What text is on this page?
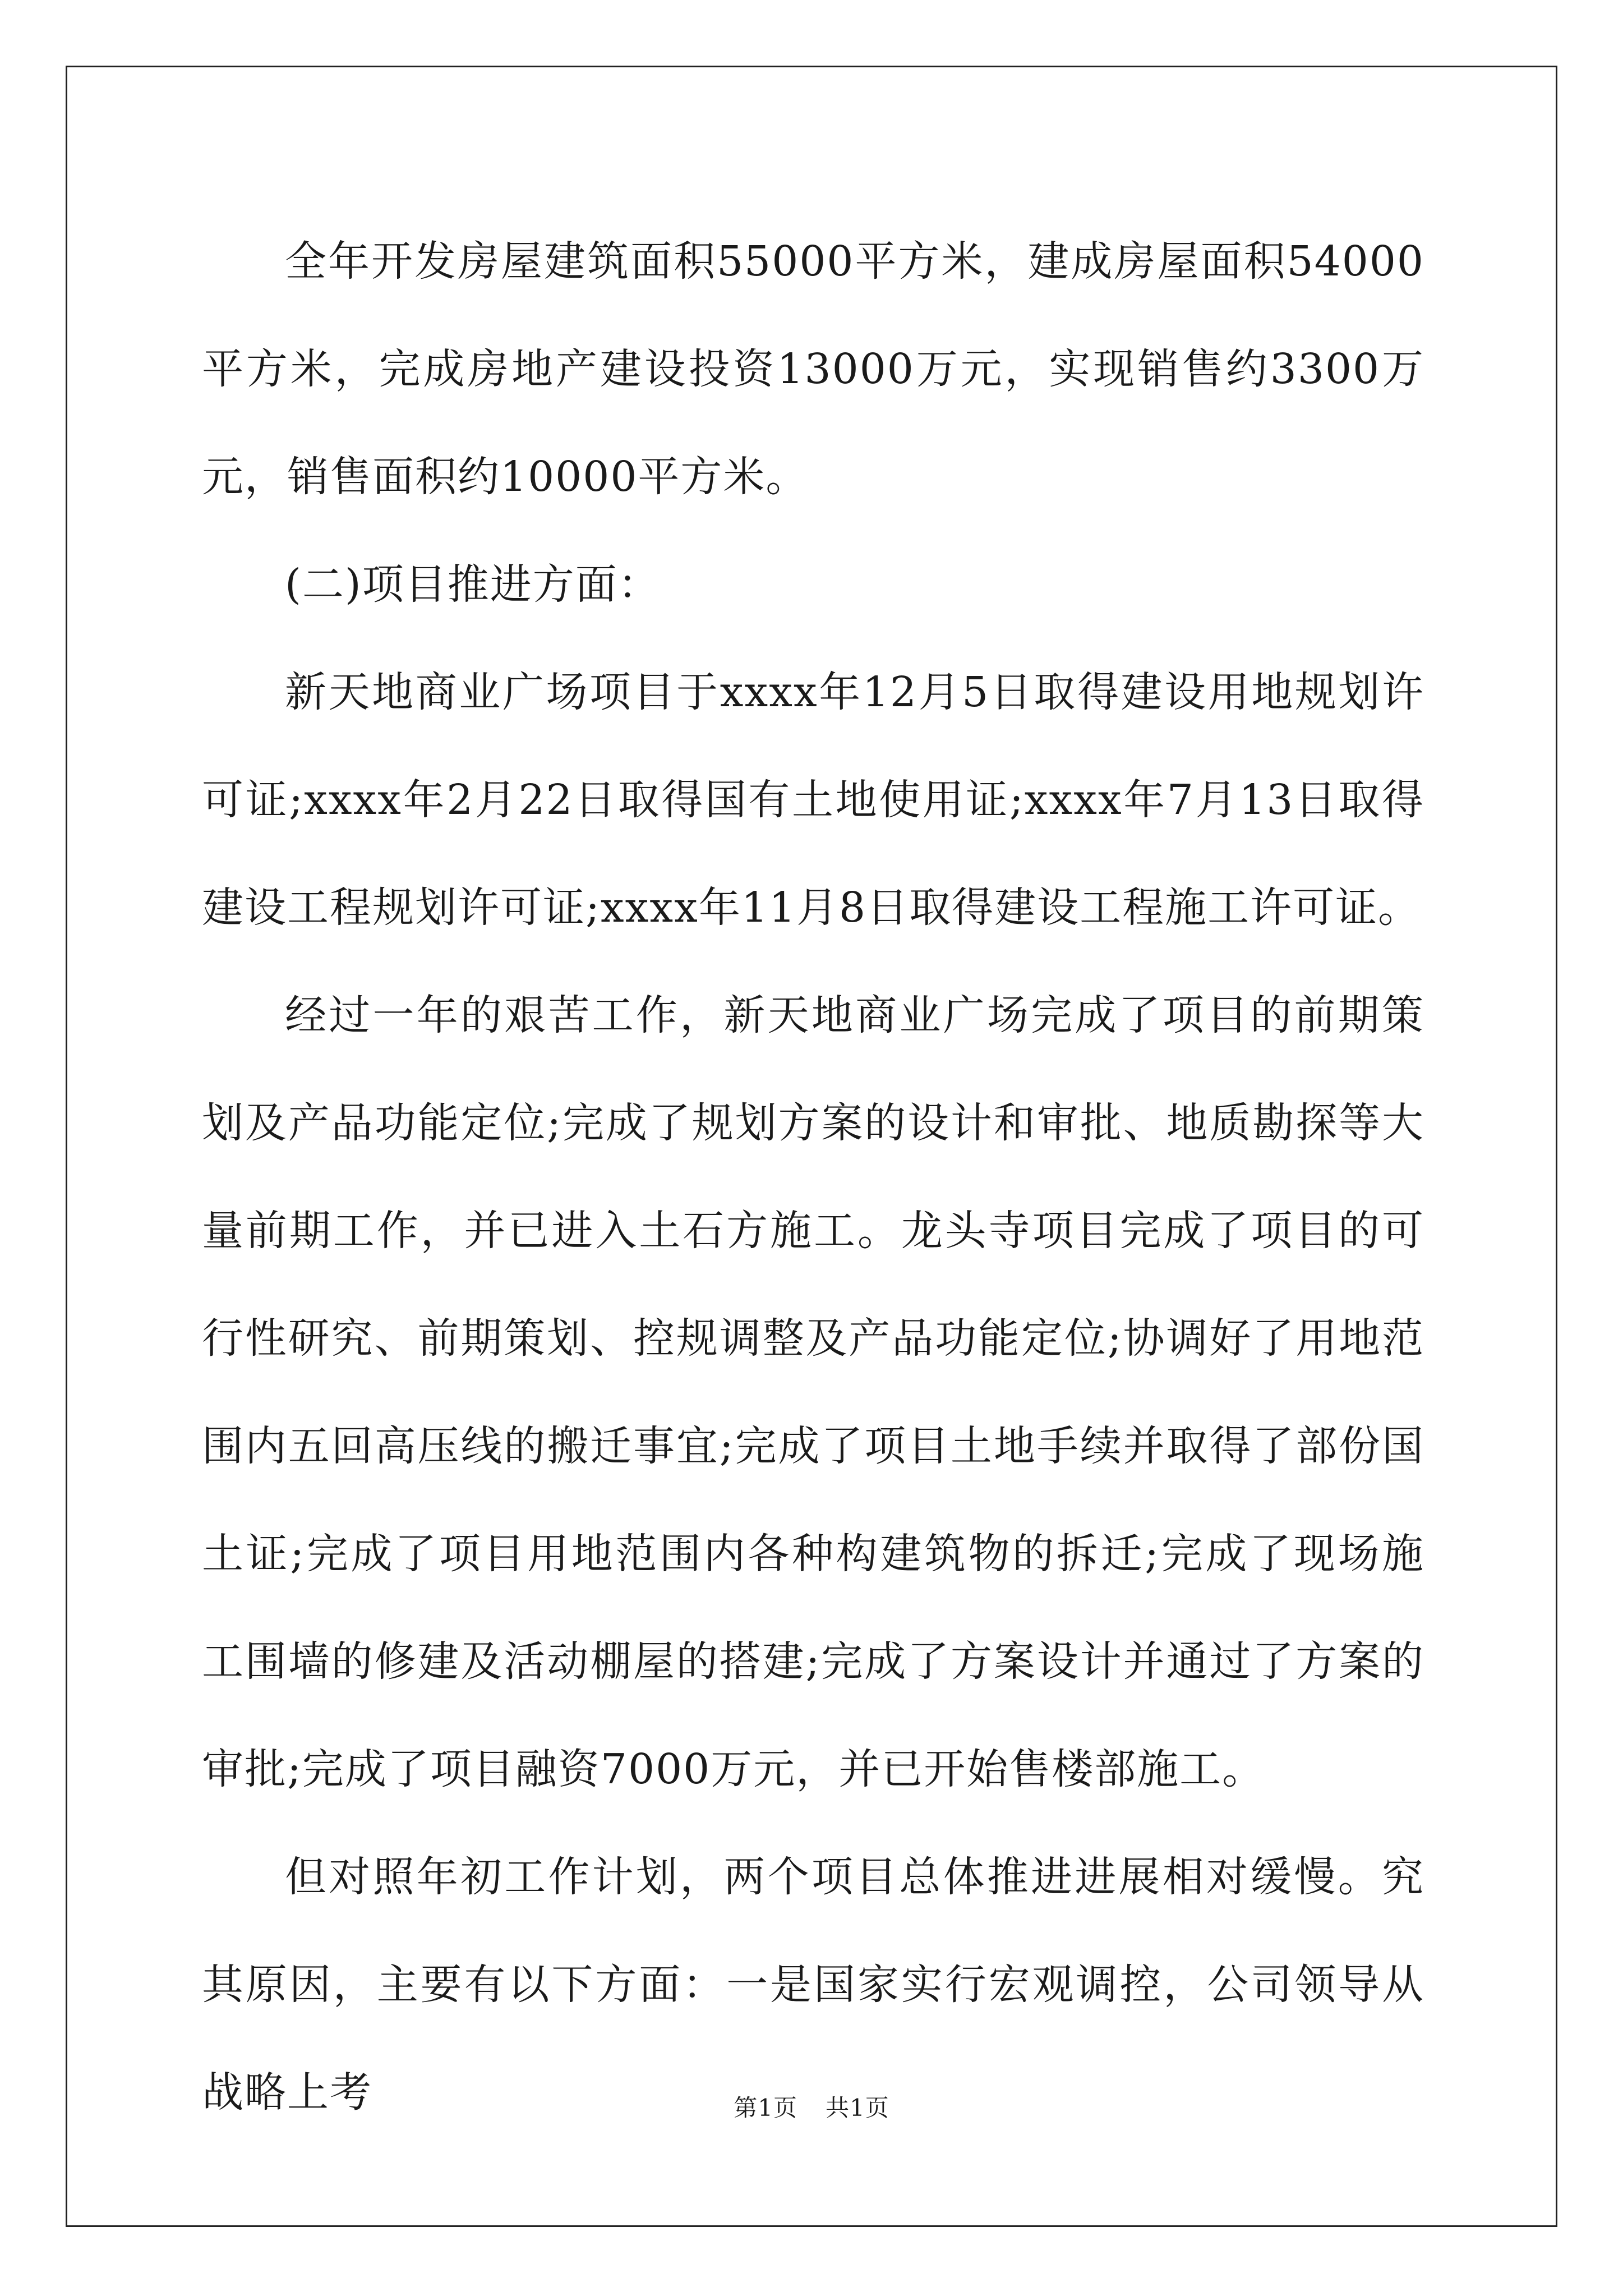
全年开发房屋建筑面积55000平方米，建成房屋面积54000平方米，完成房地产建设投资13000万元，实现销售约3300万元，销售面积约10000平方米。

(二)项目推进方面：

新天地商业广场项目于xxxx年12月5日取得建设用地规划许可证;xxxx年2月22日取得国有土地使用证;xxxx年7月13日取得建设工程规划许可证;xxxx年11月8日取得建设工程施工许可证。

经过一年的艰苦工作，新天地商业广场完成了项目的前期策划及产品功能定位;完成了规划方案的设计和审批、地质勘探等大量前期工作，并已进入土石方施工。龙头寺项目完成了项目的可行性研究、前期策划、控规调整及产品功能定位;协调好了用地范围内五回高压线的搬迁事宜;完成了项目土地手续并取得了部份国土证;完成了项目用地范围内各种构建筑物的拆迁;完成了现场施工围墙的修建及活动棚屋的搭建;完成了方案设计并通过了方案的审批;完成了项目融资7000万元，并已开始售楼部施工。

但对照年初工作计划，两个项目总体推进进展相对缓慢。究其原因，主要有以下方面：一是国家实行宏观调控，公司领导从战略上考	第1页 共1页
